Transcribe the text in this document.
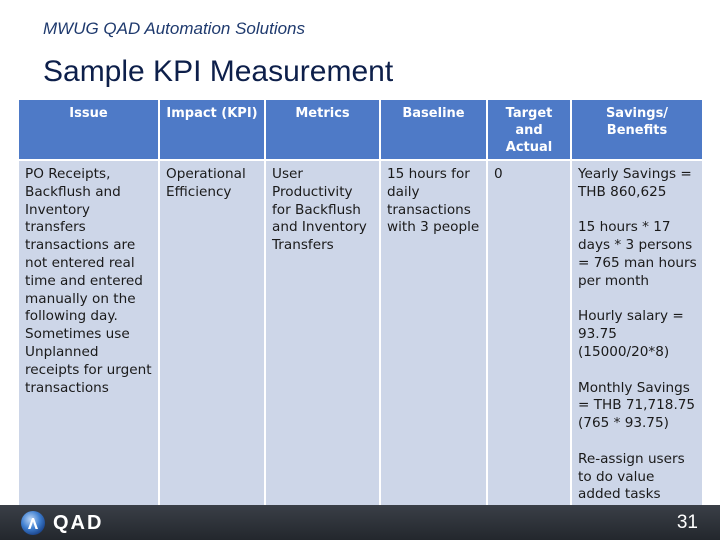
MWUG QAD Automation Solutions
Sample KPI Measurement
Issue	Impact (KPI)	Metrics	Baseline	Target and Actual	Savings/ Benefits
PO Receipts, Backflush and Inventory transfers transactions are not entered real time and entered manually on the following day. Sometimes use Unplanned receipts for urgent transactions	Operational Efficiency	User Productivity for Backflush and Inventory Transfers	15 hours for daily transactions with 3 people	0	Yearly Savings = THB 860,625

15 hours * 17 days * 3 persons = 765 man hours per month

Hourly salary = 93.75 (15000/20*8)

Monthly Savings = THB 71,718.75 (765 * 93.75)

Re-assign users to do value added tasks
QAD	31
